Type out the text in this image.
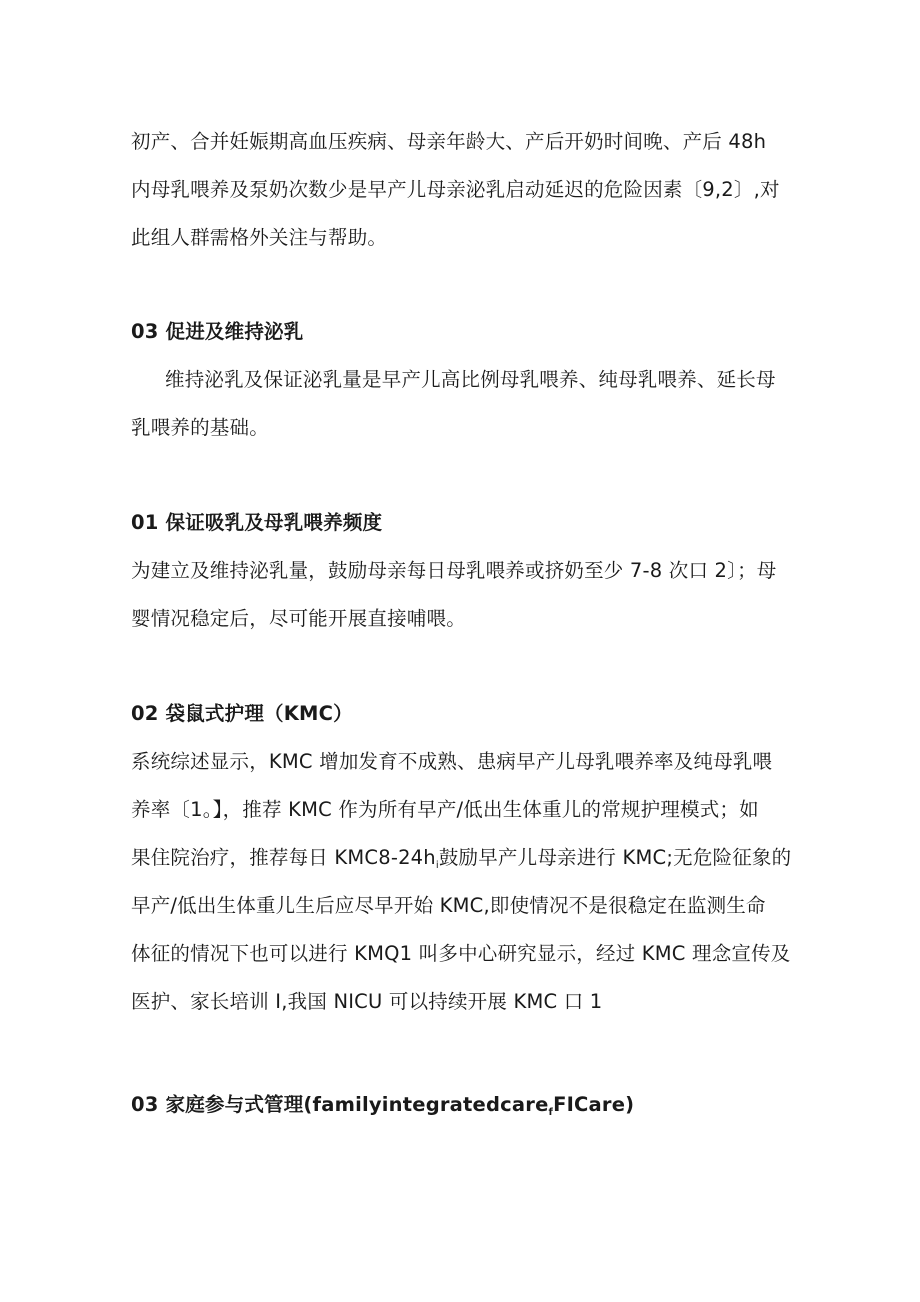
初产、合并妊娠期高血压疾病、母亲年龄大、产后开奶时间晚、产后 48h
内母乳喂养及泵奶次数少是早产儿母亲泌乳启动延迟的危险因素〔9,2〕,对
此组人群需格外关注与帮助。
03 促进及维持泌乳
维持泌乳及保证泌乳量是早产儿高比例母乳喂养、纯母乳喂养、延长母
乳喂养的基础。
01 保证吸乳及母乳喂养频度
为建立及维持泌乳量，鼓励母亲每日母乳喂养或挤奶至少 7-8 次口 2〕；母
婴情况稳定后，尽可能开展直接哺喂。
02 袋鼠式护理（KMC）
系统综述显示，KMC 增加发育不成熟、患病早产儿母乳喂养率及纯母乳喂
养率〔1。】，推荐 KMC 作为所有早产/低出生体重儿的常规护理模式；如
果住院治疗，推荐每日 $KMC8-24h_i$鼓励早产儿母亲进行 KMC;无危险征象的
早产/低出生体重儿生后应尽早开始 KMC,即使情况不是很稳定在监测生命
体征的情况下也可以进行 KMQ1 叫多中心研究显示，经过 KMC 理念宣传及
医护、家长培训 I,我国 NICU 可以持续开展 KMC 口 1
03 家庭参与式管理(familyintegratedcare$_f$FICare)
